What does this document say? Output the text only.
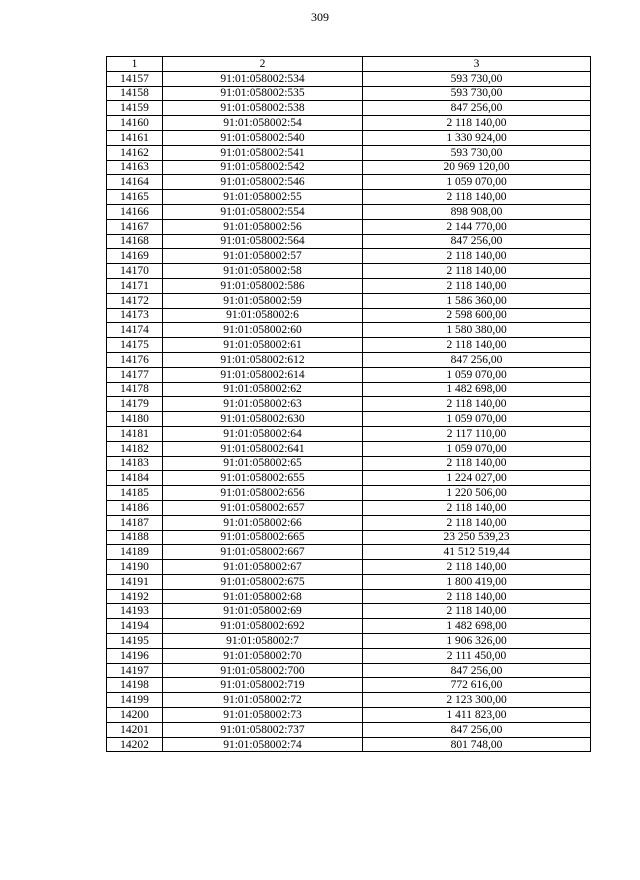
309
1	2	3
14157	91:01:058002:534	593 730,00
14158	91:01:058002:535	593 730,00
14159	91:01:058002:538	847 256,00
14160	91:01:058002:54	2 118 140,00
14161	91:01:058002:540	1 330 924,00
14162	91:01:058002:541	593 730,00
14163	91:01:058002:542	20 969 120,00
14164	91:01:058002:546	1 059 070,00
14165	91:01:058002:55	2 118 140,00
14166	91:01:058002:554	898 908,00
14167	91:01:058002:56	2 144 770,00
14168	91:01:058002:564	847 256,00
14169	91:01:058002:57	2 118 140,00
14170	91:01:058002:58	2 118 140,00
14171	91:01:058002:586	2 118 140,00
14172	91:01:058002:59	1 586 360,00
14173	91:01:058002:6	2 598 600,00
14174	91:01:058002:60	1 580 380,00
14175	91:01:058002:61	2 118 140,00
14176	91:01:058002:612	847 256,00
14177	91:01:058002:614	1 059 070,00
14178	91:01:058002:62	1 482 698,00
14179	91:01:058002:63	2 118 140,00
14180	91:01:058002:630	1 059 070,00
14181	91:01:058002:64	2 117 110,00
14182	91:01:058002:641	1 059 070,00
14183	91:01:058002:65	2 118 140,00
14184	91:01:058002:655	1 224 027,00
14185	91:01:058002:656	1 220 506,00
14186	91:01:058002:657	2 118 140,00
14187	91:01:058002:66	2 118 140,00
14188	91:01:058002:665	23 250 539,23
14189	91:01:058002:667	41 512 519,44
14190	91:01:058002:67	2 118 140,00
14191	91:01:058002:675	1 800 419,00
14192	91:01:058002:68	2 118 140,00
14193	91:01:058002:69	2 118 140,00
14194	91:01:058002:692	1 482 698,00
14195	91:01:058002:7	1 906 326,00
14196	91:01:058002:70	2 111 450,00
14197	91:01:058002:700	847 256,00
14198	91:01:058002:719	772 616,00
14199	91:01:058002:72	2 123 300,00
14200	91:01:058002:73	1 411 823,00
14201	91:01:058002:737	847 256,00
14202	91:01:058002:74	801 748,00
